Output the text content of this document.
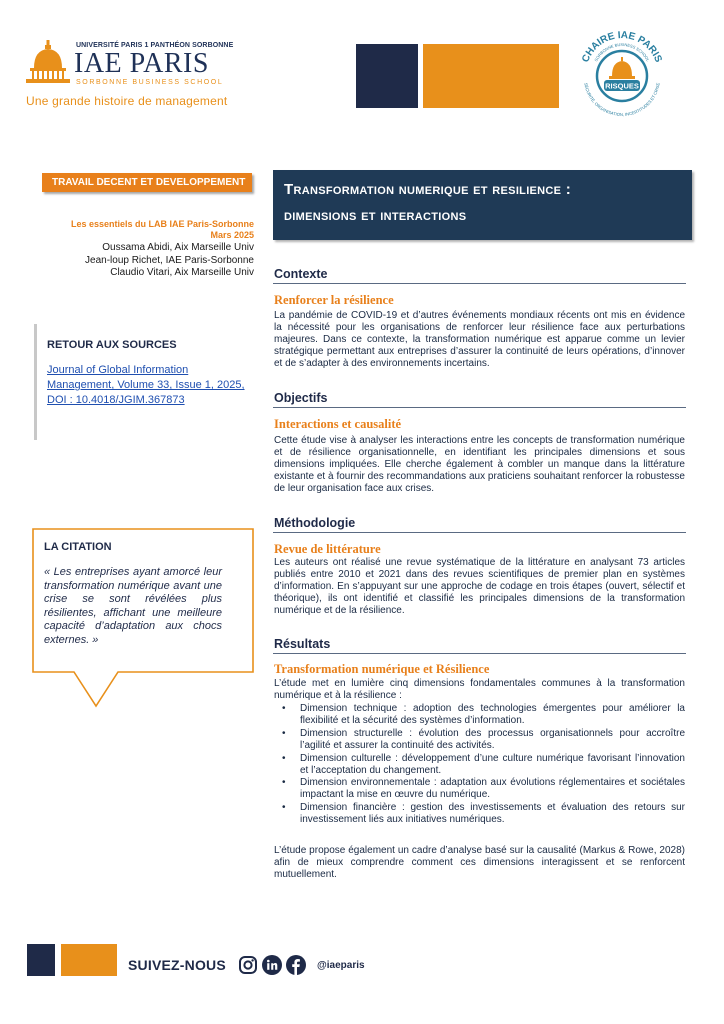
UNIVERSITÉ PARIS 1 PANTHÉON SORBONNE
IAE PARIS
SORBONNE BUSINESS SCHOOL
Une grande histoire de management
CHAIRE IAE PARIS
SORBONNE BUSINESS SCHOOL
SÉCURITÉ, ORGANISATION, INCERTITUDES ET CRISE
RISQUES
TRAVAIL DECENT ET DEVELOPPEMENT
Les essentiels du LAB IAE Paris-Sorbonne
Mars 2025
Oussama Abidi, Aix Marseille Univ
Jean-loup Richet, IAE Paris-Sorbonne
Claudio Vitari, Aix Marseille Univ
RETOUR AUX SOURCES
Journal of Global Information Management, Volume 33, Issue 1, 2025, DOI : 10.4018/JGIM.367873
LA CITATION
« Les entreprises ayant amorcé leur transformation numérique avant une crise se sont révélées plus résilientes, affichant une meilleure capacité d’adaptation aux chocs externes. »
Transformation numerique et resilience :
dimensions et interactions
Contexte
Renforcer la résilience
La pandémie de COVID-19 et d’autres événements mondiaux récents ont mis en évidence la nécessité pour les organisations de renforcer leur résilience face aux perturbations majeures. Dans ce contexte, la transformation numérique est apparue comme un levier stratégique permettant aux entreprises d’assurer la continuité de leurs opérations, d’innover et de s’adapter à des environnements incertains.
Objectifs
Interactions et causalité
Cette étude vise à analyser les interactions entre les concepts de transformation numérique et de résilience organisationnelle, en identifiant les principales dimensions et sous dimensions impliquées. Elle cherche également à combler un manque dans la littérature existante et à fournir des recommandations aux praticiens souhaitant renforcer la robustesse de leur organisation face aux crises.
Méthodologie
Revue de littérature
Les auteurs ont réalisé une revue systématique de la littérature en analysant 73 articles publiés entre 2010 et 2021 dans des revues scientifiques de premier plan en systèmes d’information. En s’appuyant sur une approche de codage en trois étapes (ouvert, sélectif et théorique), ils ont identifié et classifié les principales dimensions de la transformation numérique et de la résilience.
Résultats
Transformation numérique et Résilience
L’étude met en lumière cinq dimensions fondamentales communes à la transformation numérique et à la résilience :
• Dimension technique : adoption des technologies émergentes pour améliorer la flexibilité et la sécurité des systèmes d’information.
• Dimension structurelle : évolution des processus organisationnels pour accroître l’agilité et assurer la continuité des activités.
• Dimension culturelle : développement d’une culture numérique favorisant l’innovation et l’acceptation du changement.
• Dimension environnementale : adaptation aux évolutions réglementaires et sociétales impactant la mise en œuvre du numérique.
• Dimension financière : gestion des investissements et évaluation des retours sur investissement liés aux initiatives numériques.
L’étude propose également un cadre d’analyse basé sur la causalité (Markus & Rowe, 2028) afin de mieux comprendre comment ces dimensions interagissent et se renforcent mutuellement.
SUIVEZ-NOUS	@iaeparis
